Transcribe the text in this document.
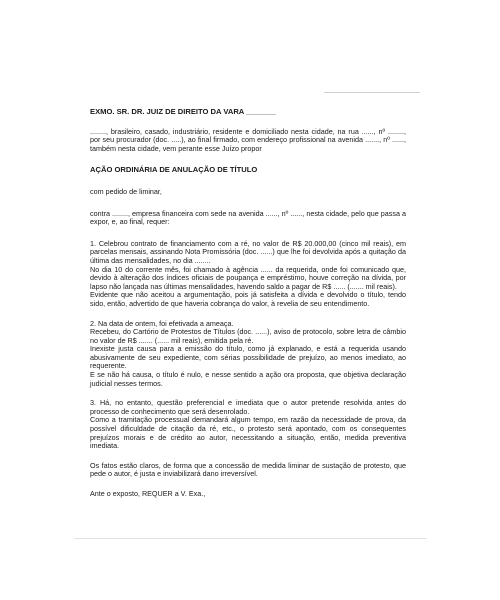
EXMO. SR. DR. JUIZ DE DIREITO DA VARA _______

........, brasileiro, casado, industriário, residente e domiciliado nesta cidade, na rua ......, nº ........, por seu procurador (doc. .....), ao final firmado, com endereço profissional na avenida ......., nº ......, também nesta cidade, vem perante esse Juízo propor

AÇÃO ORDINÁRIA DE ANULAÇÃO DE TÍTULO

com pedido de liminar,

contra ........, empresa financeira com sede na avenida ......, nº ......, nesta cidade, pelo que passa a expor, e, ao final, requer:

1. Celebrou contrato de financiamento com a ré, no valor de R$ 20.000,00 (cinco mil reais), em parcelas mensais, assinando Nota Promissória (doc. ......) que lhe foi devolvida após a quitação da última das mensalidades, no dia ........

No dia 10 do corrente mês, foi chamado à agência ...... da requerida, onde foi comunicado que, devido à alteração dos índices oficiais de poupança e empréstimo, houve correção na dívida, por lapso não lançada nas últimas mensalidades, havendo saldo a pagar de R$ ...... (....... mil reais).

Evidente que não aceitou a argumentação, pois já satisfeita a dívida e devolvido o título, tendo sido, então, advertido de que haveria cobrança do valor, à revelia de seu entendimento.

2. Na data de ontem, foi efetivada a ameaça.

Recebeu, do Cartório de Protestos de Títulos (doc. ......), aviso de protocolo, sobre letra de câmbio no valor de R$ ....... (...... mil reais), emitida pela ré.

Inexiste justa causa para a emissão do título, como já explanado, e está a requerida usando abusivamente de seu expediente, com sérias possibilidade de prejuízo, ao menos imediato, ao requerente.

E se não há causa, o título é nulo, e nesse sentido a ação ora proposta, que objetiva declaração judicial nesses termos.

3. Há, no entanto, questão preferencial e imediata que o autor pretende resolvida antes do processo de conhecimento que será desenrolado.

Como a tramitação processual demandará algum tempo, em razão da necessidade de prova, da possível dificuldade de citação da ré, etc., o protesto será apontado, com os consequentes prejuízos morais e de crédito ao autor, necessitando a situação, então, medida preventiva imediata.

Os fatos estão claros, de forma que a concessão de medida liminar de sustação de protesto, que pede o autor, é justa e inviabilizará dano irreversível.

Ante o exposto, REQUER a V. Exa.,
